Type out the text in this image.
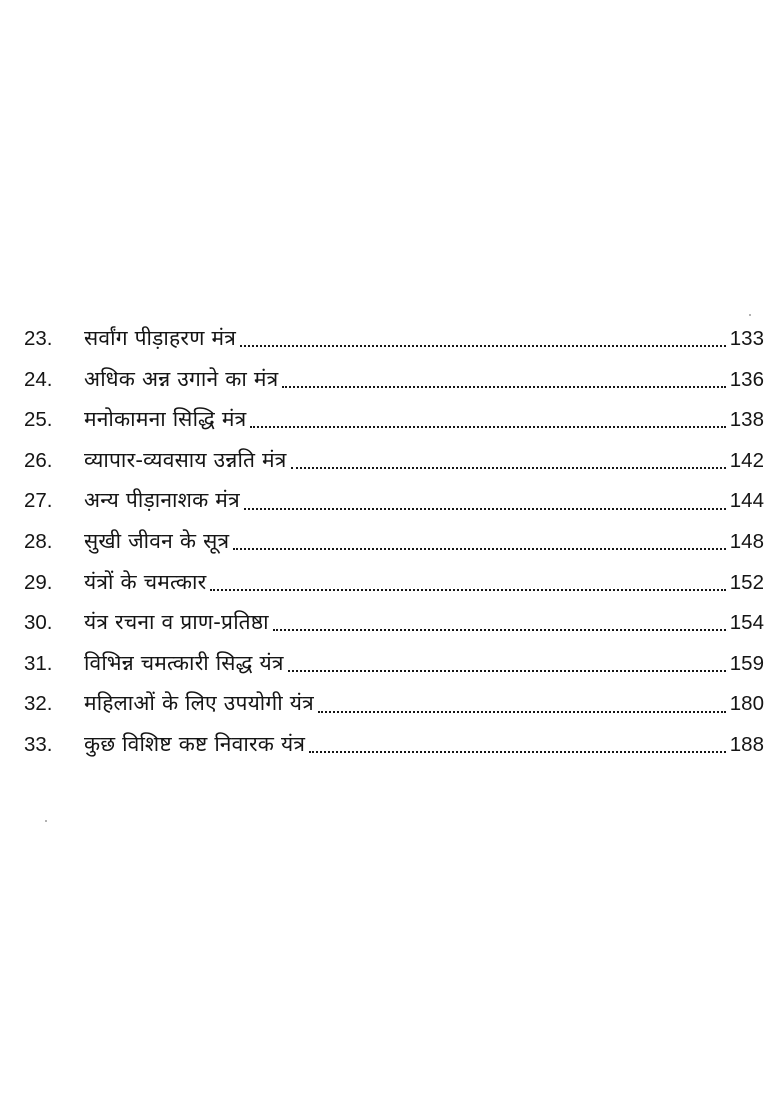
23.	सर्वांग पीड़ाहरण मंत्र	133
24.	अधिक अन्न उगाने का मंत्र	136
25.	मनोकामना सिद्धि मंत्र	138
26.	व्यापार-व्यवसाय उन्नति मंत्र	142
27.	अन्य पीड़ानाशक मंत्र	144
28.	सुखी जीवन के सूत्र	148
29.	यंत्रों के चमत्कार	152
30.	यंत्र रचना व प्राण-प्रतिष्ठा	154
31.	विभिन्न चमत्कारी सिद्ध यंत्र	159
32.	महिलाओं के लिए उपयोगी यंत्र	180
33.	कुछ विशिष्ट कष्ट निवारक यंत्र	188
